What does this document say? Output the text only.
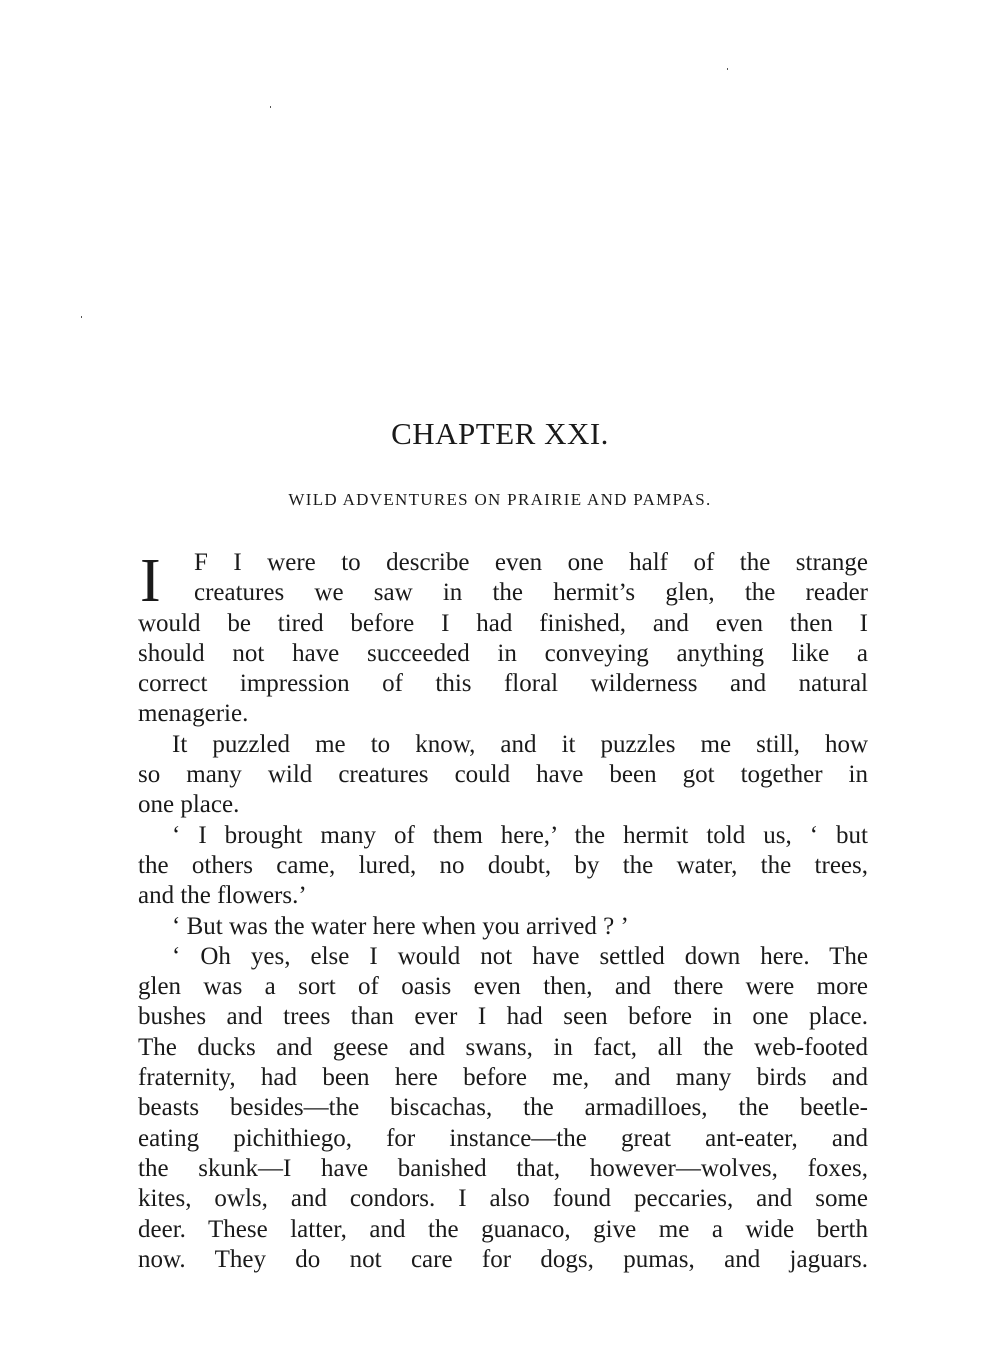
CHAPTER XXI.
WILD ADVENTURES ON PRAIRIE AND PAMPAS.
I	F I were to describe even one half of the strange
creatures we saw in the hermit’s glen, the reader
would be tired before I had finished, and even then I
should not have succeeded in conveying anything like a
correct impression of this floral wilderness and natural
menagerie.
It puzzled me to know, and it puzzles me still, how
so many wild creatures could have been got together in
one place.
‘ I brought many of them here,’ the hermit told us, ‘ but
the others came, lured, no doubt, by the water, the trees,
and the flowers.’
‘ But was the water here when you arrived ? ’
‘ Oh yes, else I would not have settled down here. The
glen was a sort of oasis even then, and there were more
bushes and trees than ever I had seen before in one place.
The ducks and geese and swans, in fact, all the web-footed
fraternity, had been here before me, and many birds and
beasts besides—the biscachas, the armadilloes, the beetle-
eating pichithiego, for instance—the great ant-eater, and
the skunk—I have banished that, however—wolves, foxes,
kites, owls, and condors. I also found peccaries, and some
deer. These latter, and the guanaco, give me a wide berth
now. They do not care for dogs, pumas, and jaguars.
